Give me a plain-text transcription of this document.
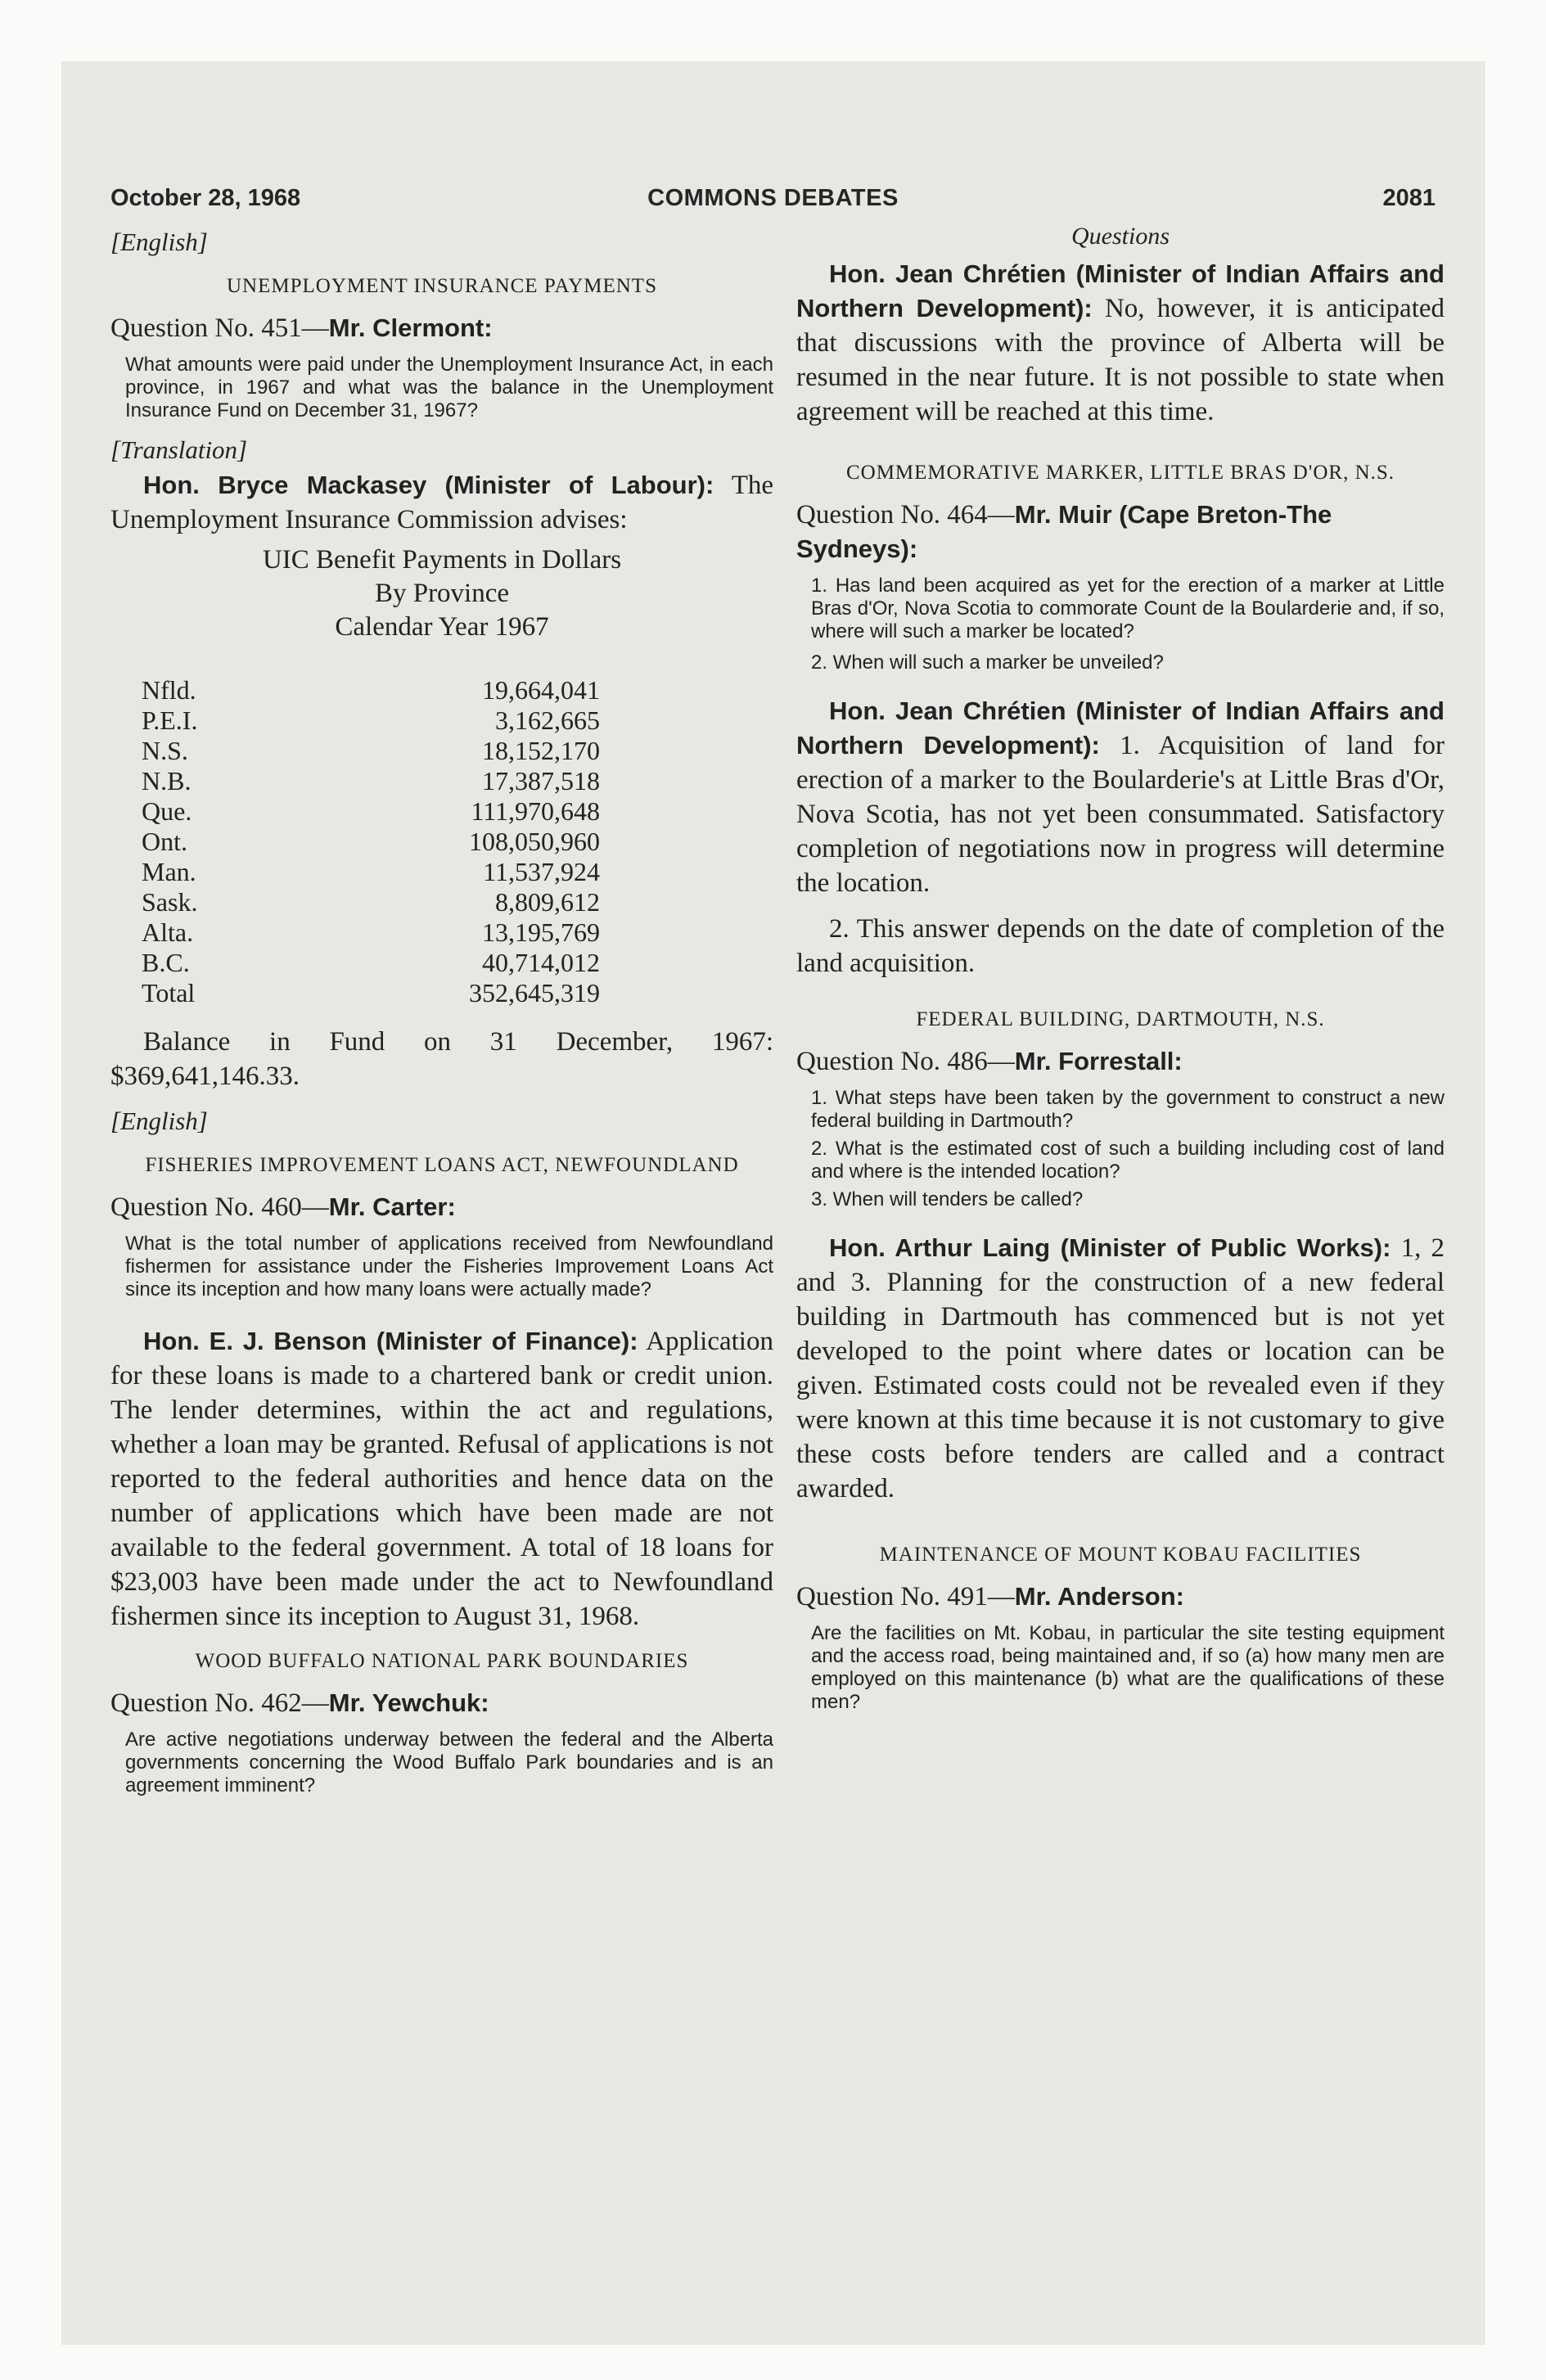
October 28, 1968	COMMONS DEBATES	2081
[English]
UNEMPLOYMENT INSURANCE PAYMENTS
Question No. 451—Mr. Clermont:

What amounts were paid under the Unemployment Insurance Act, in each province, in 1967 and what was the balance in the Unemployment Insurance Fund on December 31, 1967?

[Translation]

Hon. Bryce Mackasey (Minister of Labour): The Unemployment Insurance Commission advises:

UIC Benefit Payments in Dollars
By Province
Calendar Year 1967
Nfld.	19,664,041
P.E.I.	3,162,665
N.S.	18,152,170
N.B.	17,387,518
Que.	111,970,648
Ont.	108,050,960
Man.	11,537,924
Sask.	8,809,612
Alta.	13,195,769
B.C.	40,714,012
Total	352,645,319

Balance in Fund on 31 December, 1967: $369,641,146.33.

[English]
FISHERIES IMPROVEMENT LOANS ACT, NEWFOUNDLAND
Question No. 460—Mr. Carter:

What is the total number of applications received from Newfoundland fishermen for assistance under the Fisheries Improvement Loans Act since its inception and how many loans were actually made?

Hon. E. J. Benson (Minister of Finance): Application for these loans is made to a chartered bank or credit union. The lender determines, within the act and regulations, whether a loan may be granted. Refusal of applications is not reported to the federal authorities and hence data on the number of applications which have been made are not available to the federal government. A total of 18 loans for $23,003 have been made under the act to Newfoundland fishermen since its inception to August 31, 1968.

WOOD BUFFALO NATIONAL PARK BOUNDARIES
Question No. 462—Mr. Yewchuk:

Are active negotiations underway between the federal and the Alberta governments concerning the Wood Buffalo Park boundaries and is an agreement imminent?

Questions

Hon. Jean Chrétien (Minister of Indian Affairs and Northern Development): No, however, it is anticipated that discussions with the province of Alberta will be resumed in the near future. It is not possible to state when agreement will be reached at this time.

COMMEMORATIVE MARKER, LITTLE BRAS D'OR, N.S.
Question No. 464—Mr. Muir (Cape Breton-The Sydneys):

1. Has land been acquired as yet for the erection of a marker at Little Bras d'Or, Nova Scotia to commorate Count de la Boularderie and, if so, where will such a marker be located?

2. When will such a marker be unveiled?

Hon. Jean Chrétien (Minister of Indian Affairs and Northern Development): 1. Acquisition of land for erection of a marker to the Boularderie's at Little Bras d'Or, Nova Scotia, has not yet been consummated. Satisfactory completion of negotiations now in progress will determine the location.

2. This answer depends on the date of completion of the land acquisition.

FEDERAL BUILDING, DARTMOUTH, N.S.
Question No. 486—Mr. Forrestall:

1. What steps have been taken by the government to construct a new federal building in Dartmouth?

2. What is the estimated cost of such a building including cost of land and where is the intended location?

3. When will tenders be called?

Hon. Arthur Laing (Minister of Public Works): 1, 2 and 3. Planning for the construction of a new federal building in Dartmouth has commenced but is not yet developed to the point where dates or location can be given. Estimated costs could not be revealed even if they were known at this time because it is not customary to give these costs before tenders are called and a contract awarded.

MAINTENANCE OF MOUNT KOBAU FACILITIES
Question No. 491—Mr. Anderson:

Are the facilities on Mt. Kobau, in particular the site testing equipment and the access road, being maintained and, if so (a) how many men are employed on this maintenance (b) what are the qualifications of these men?
